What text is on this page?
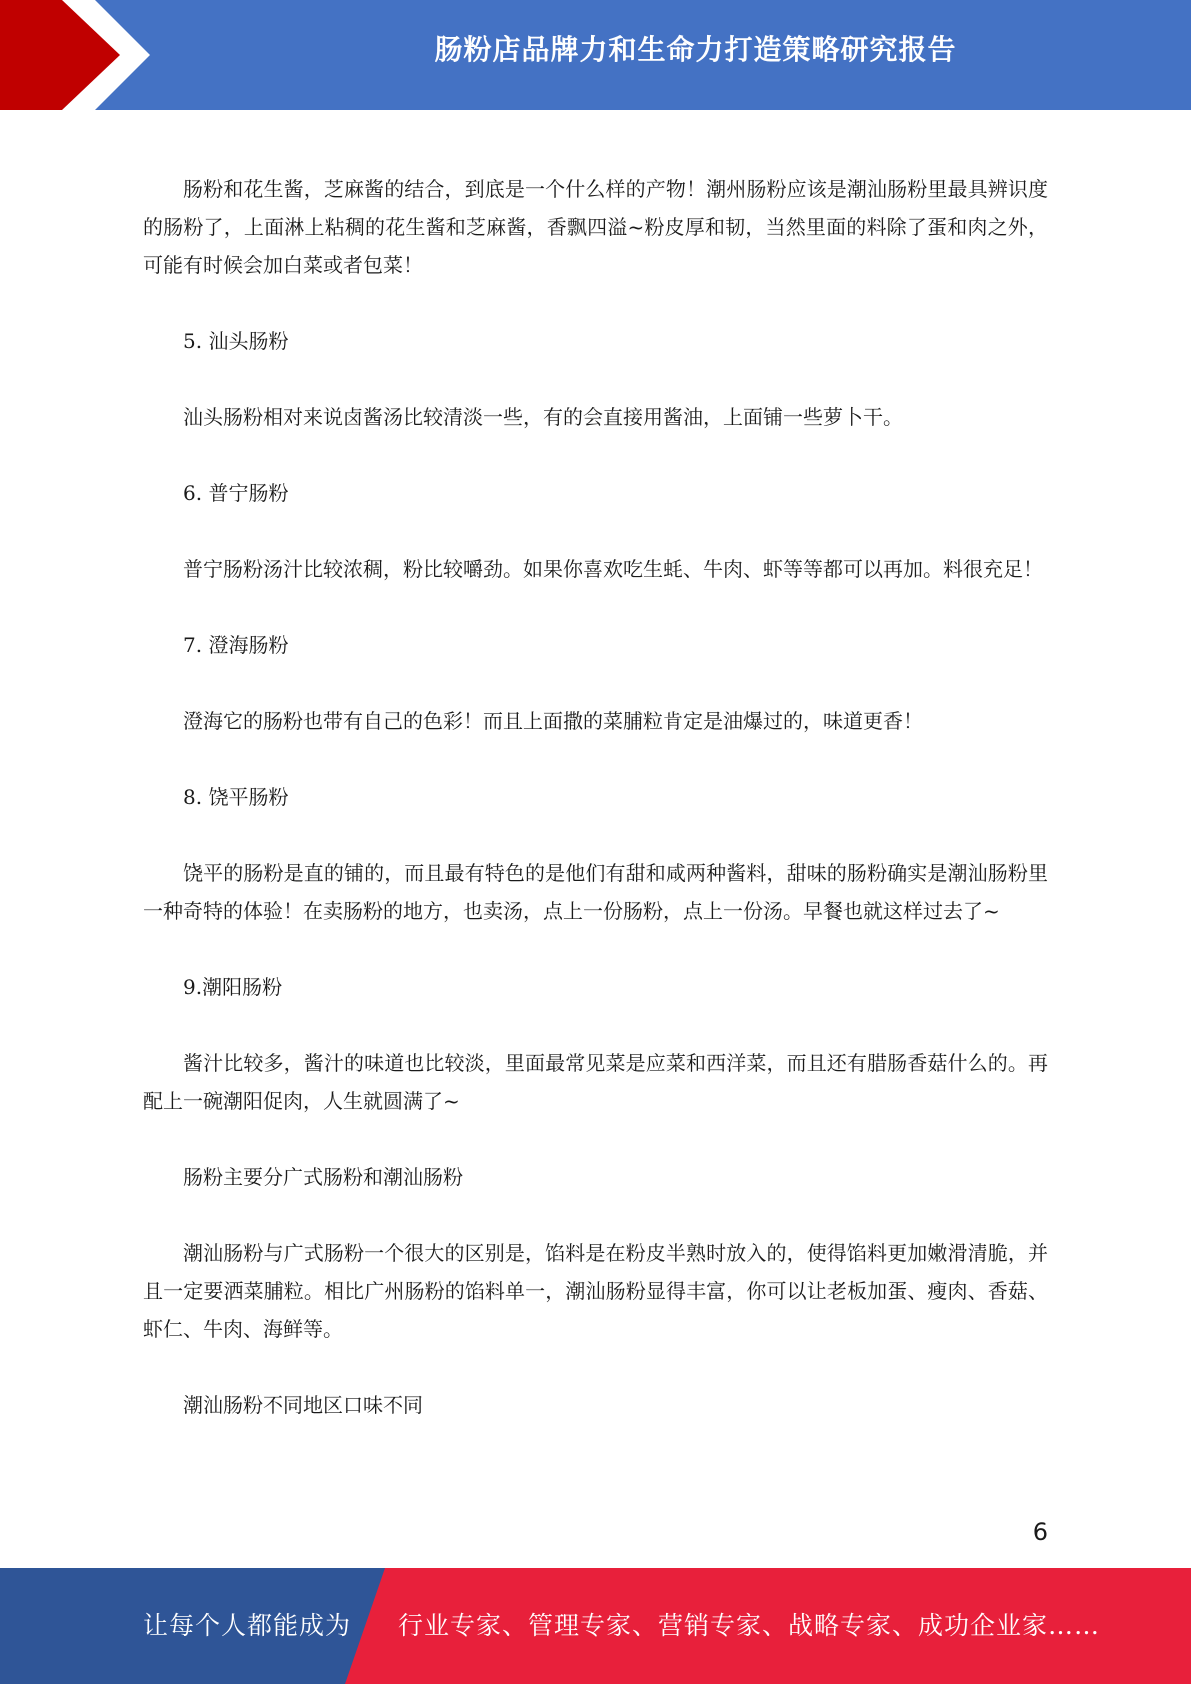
肠粉店品牌力和生命力打造策略研究报告

肠粉和花生酱，芝麻酱的结合，到底是一个什么样的产物！潮州肠粉应该是潮汕肠粉里最具辨识度的肠粉了，上面淋上粘稠的花生酱和芝麻酱，香飘四溢~粉皮厚和韧，当然里面的料除了蛋和肉之外，可能有时候会加白菜或者包菜！

5. 汕头肠粉

汕头肠粉相对来说卤酱汤比较清淡一些，有的会直接用酱油，上面铺一些萝卜干。

6. 普宁肠粉

普宁肠粉汤汁比较浓稠，粉比较嚼劲。如果你喜欢吃生蚝、牛肉、虾等等都可以再加。料很充足！

7. 澄海肠粉

澄海它的肠粉也带有自己的色彩！而且上面撒的菜脯粒肯定是油爆过的，味道更香！

8. 饶平肠粉

饶平的肠粉是直的铺的，而且最有特色的是他们有甜和咸两种酱料，甜味的肠粉确实是潮汕肠粉里一种奇特的体验！在卖肠粉的地方，也卖汤，点上一份肠粉，点上一份汤。早餐也就这样过去了~

9.潮阳肠粉

酱汁比较多，酱汁的味道也比较淡，里面最常见菜是应菜和西洋菜，而且还有腊肠香菇什么的。再配上一碗潮阳促肉，人生就圆满了~

肠粉主要分广式肠粉和潮汕肠粉

潮汕肠粉与广式肠粉一个很大的区别是，馅料是在粉皮半熟时放入的，使得馅料更加嫩滑清脆，并且一定要洒菜脯粒。相比广州肠粉的馅料单一，潮汕肠粉显得丰富，你可以让老板加蛋、瘦肉、香菇、虾仁、牛肉、海鲜等。

潮汕肠粉不同地区口味不同

6
让每个人都能成为 行业专家、管理专家、营销专家、战略专家、成功企业家……
